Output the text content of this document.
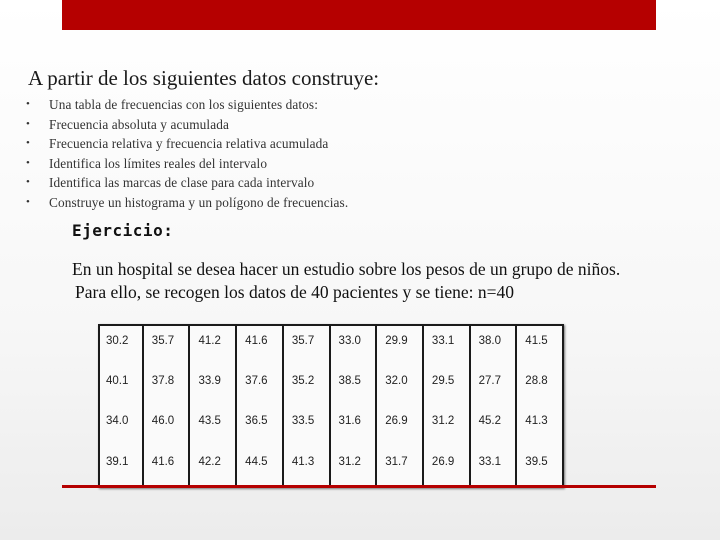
A partir de los siguientes datos construye:
• Una tabla de frecuencias con los siguientes datos:
• Frecuencia absoluta y acumulada
• Frecuencia relativa y frecuencia relativa acumulada
• Identifica los límites reales del intervalo
• Identifica las marcas de clase para cada intervalo
• Construye un histograma y un polígono de frecuencias.
Ejercicio:
En un hospital se desea hacer un estudio sobre los pesos de un grupo de niños.
Para ello, se recogen los datos de 40 pacientes y se tiene: n=40
30.2	35.7	41.2	41.6	35.7	33.0	29.9	33.1	38.0	41.5
40.1	37.8	33.9	37.6	35.2	38.5	32.0	29.5	27.7	28.8
34.0	46.0	43.5	36.5	33.5	31.6	26.9	31.2	45.2	41.3
39.1	41.6	42.2	44.5	41.3	31.2	31.7	26.9	33.1	39.5
